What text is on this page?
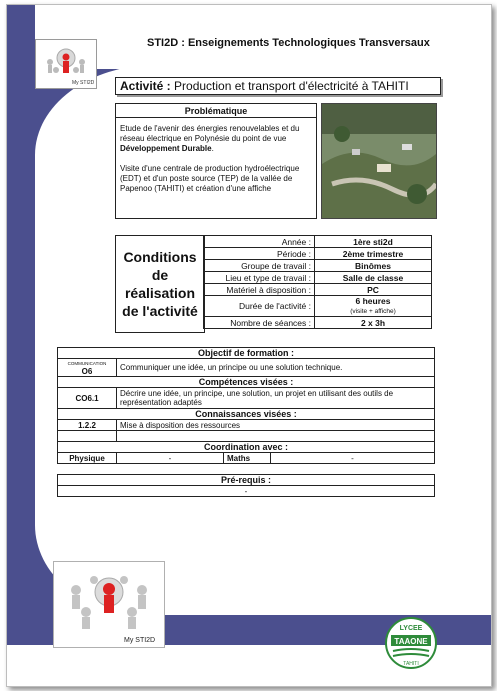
My STI2D
STI2D : Enseignements Technologiques Transversaux
Activité : Production et transport d'électricité à TAHITI
Problématique
Etude de l'avenir des énergies renouvelables et du réseau électrique en Polynésie du point de vue Développement Durable.

Visite d'une centrale de production hydroélectrique (EDT) et d'un poste source (TEP) de la vallée de Papenoo (TAHITI) et création d'une affiche
Conditions
de
réalisation
de l'activité
Année :	1ère sti2d
Période :	2ème trimestre
Groupe de travail :	Binômes
Lieu et type de travail :	Salle de classe
Matériel à disposition :	PC
Durée de l'activité :	6 heures
(visite + affiche)
Nombre de séances :	2 x 3h
Objectif de formation :			
COMMUNICATION
O6	Communiquer une idée, un principe ou une solution technique.		
Compétences visées :			
CO6.1	Décrire une idée, un principe, une solution, un projet en utilisant des outils de représentation adaptés		
Connaissances visées :			
1.2.2	Mise à disposition des ressources		

Coordination avec :			
Physique	-	Maths	-

Pré-requis :			
-			
My STI2D
LYCEE
TAAONE
TAHITI
